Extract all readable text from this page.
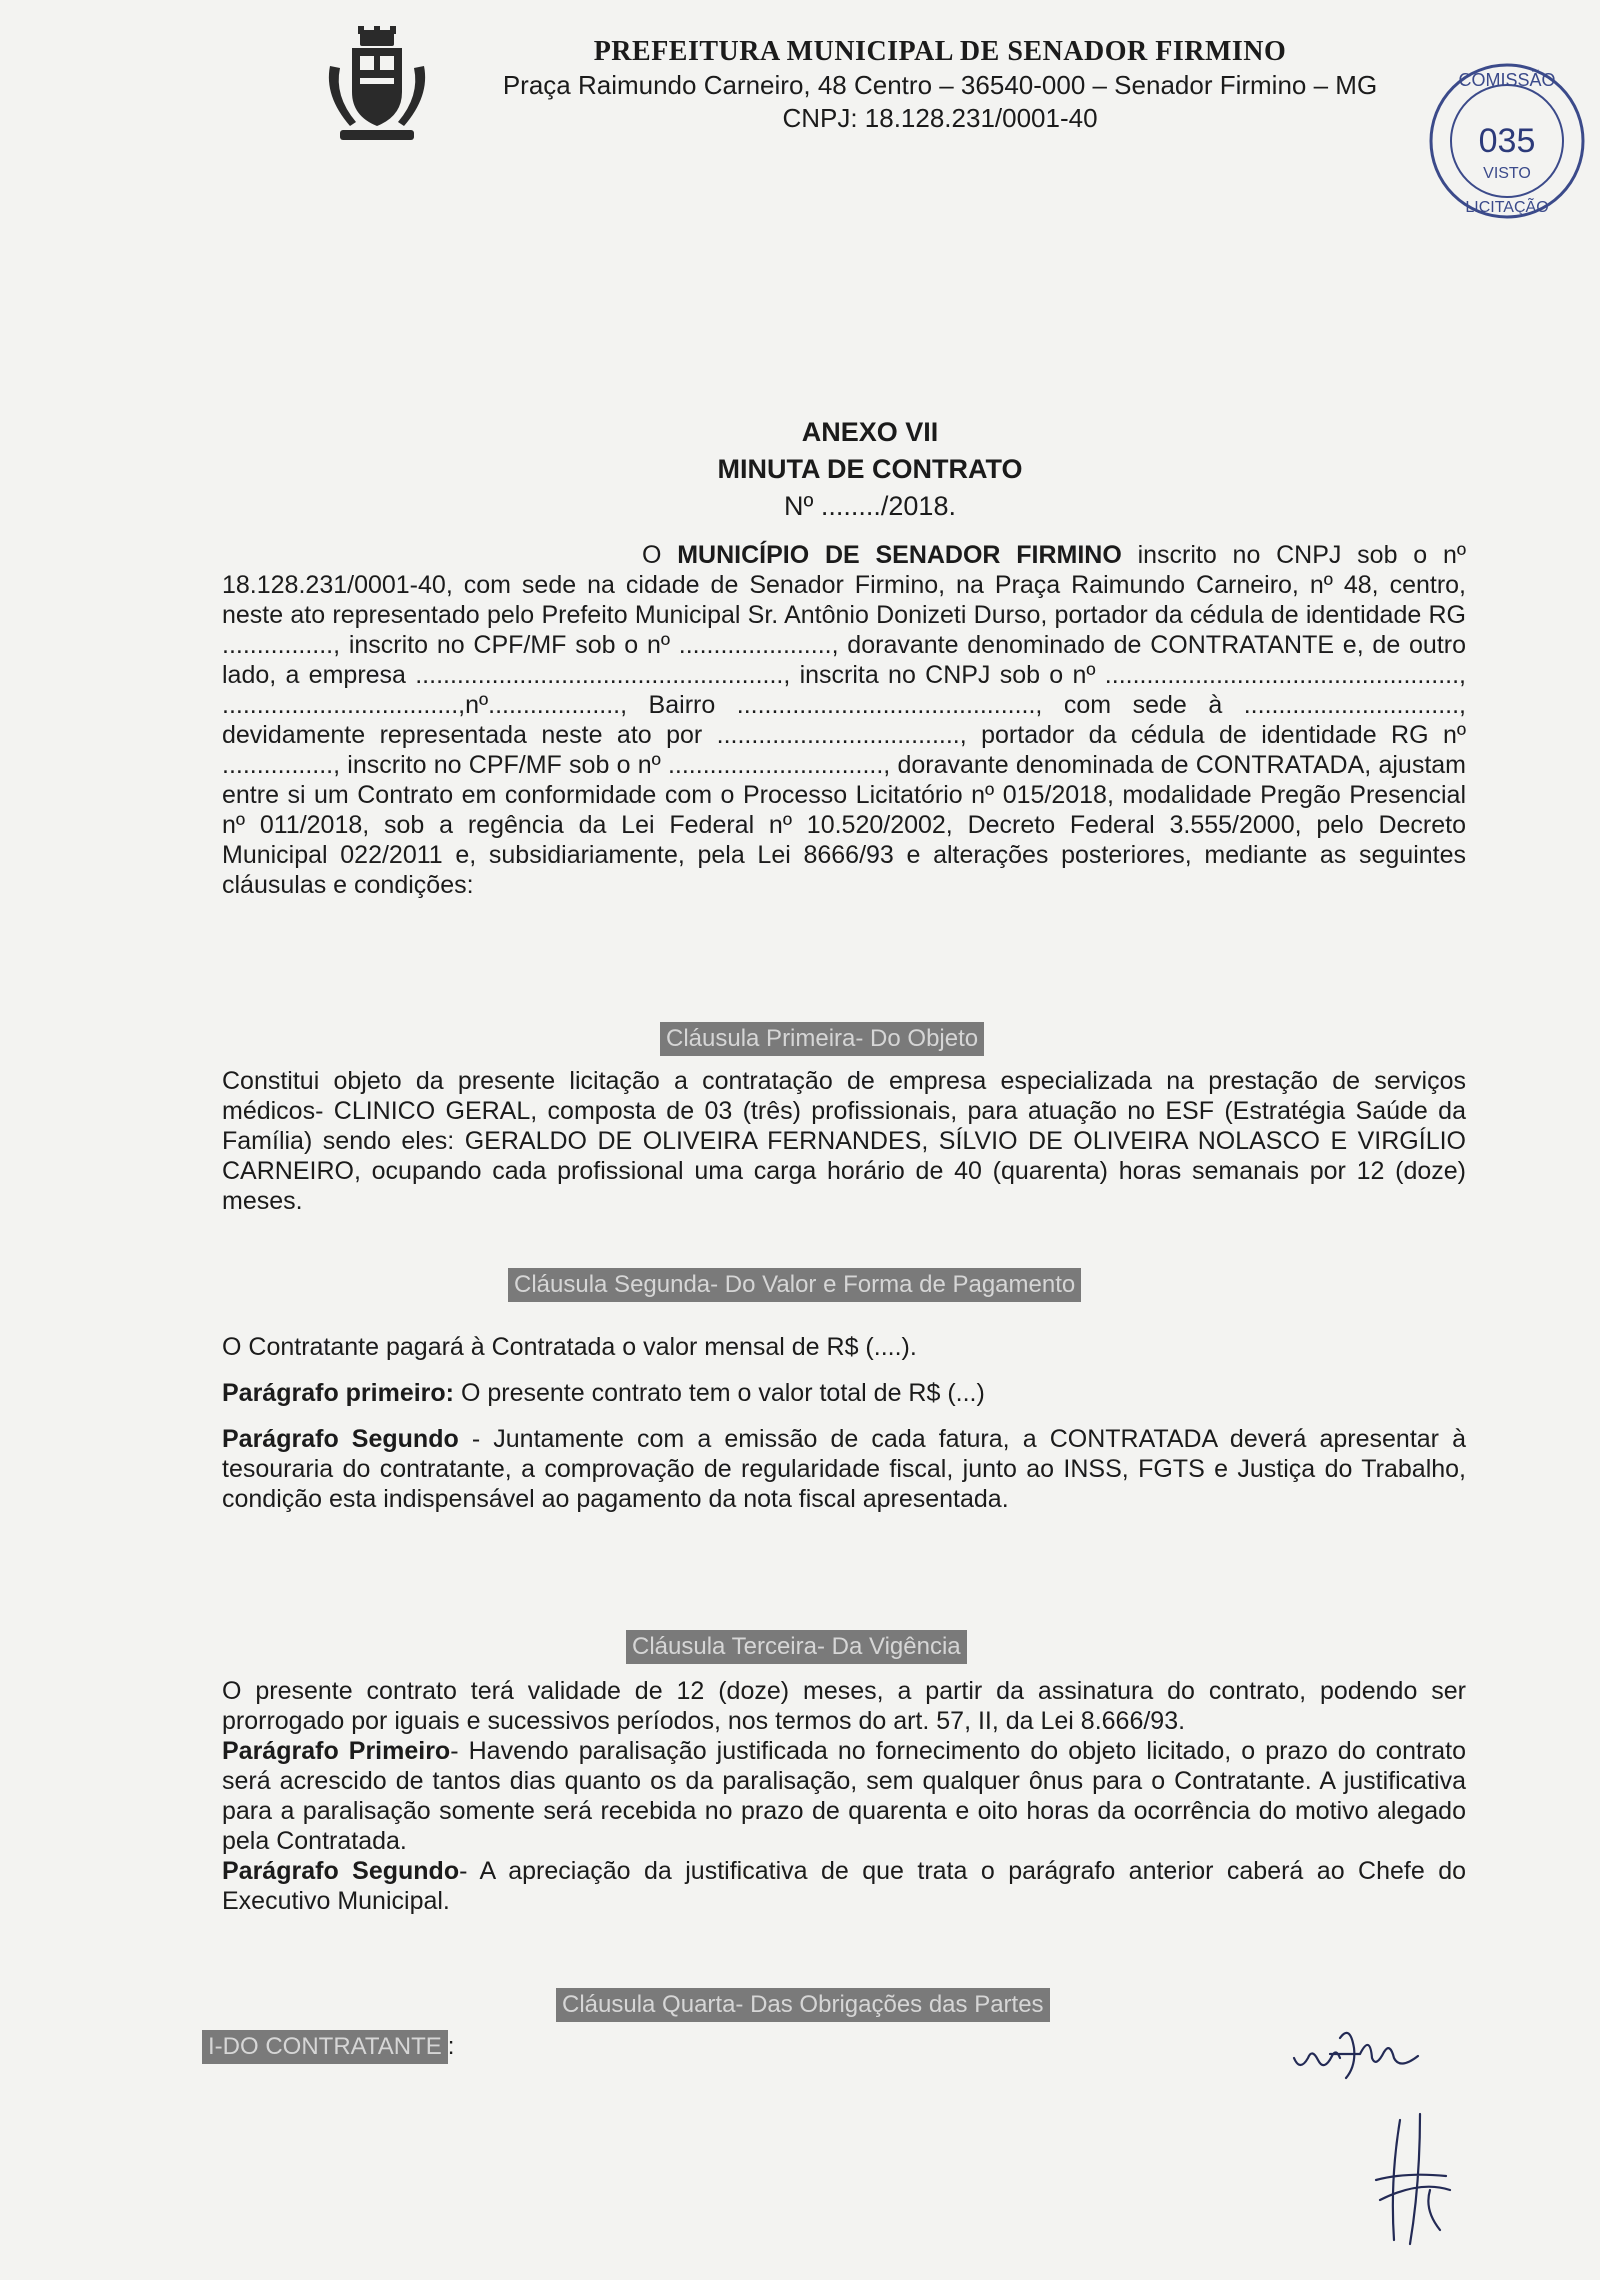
PREFEITURA MUNICIPAL DE SENADOR FIRMINO
Praça Raimundo Carneiro, 48 Centro – 36540-000 – Senador Firmino – MG
CNPJ: 18.128.231/0001-40
COMISSÃO
035
VISTO
LICITAÇÃO
ANEXO VII
MINUTA DE CONTRATO
Nº ......../2018.

O MUNICÍPIO DE SENADOR FIRMINO inscrito no CNPJ sob o nº 18.128.231/0001-40, com sede na cidade de Senador Firmino, na Praça Raimundo Carneiro, nº 48, centro, neste ato representado pelo Prefeito Municipal Sr. Antônio Donizeti Durso, portador da cédula de identidade RG ................, inscrito no CPF/MF sob o nº ......................, doravante denominado de CONTRATANTE e, de outro lado, a empresa ....................................................., inscrita no CNPJ sob o nº ..................................................., ..................................,nº..................., Bairro ..........................................., com sede à ..............................., devidamente representada neste ato por ..................................., portador da cédula de identidade RG nº ................, inscrito no CPF/MF sob o nº ..............................., doravante denominada de CONTRATADA, ajustam entre si um Contrato em conformidade com o Processo Licitatório nº 015/2018, modalidade Pregão Presencial nº 011/2018, sob a regência da Lei Federal nº 10.520/2002, Decreto Federal 3.555/2000, pelo Decreto Municipal 022/2011 e, subsidiariamente, pela Lei 8666/93 e alterações posteriores, mediante as seguintes cláusulas e condições:

Cláusula Primeira- Do Objeto

Constitui objeto da presente licitação a contratação de empresa especializada na prestação de serviços médicos- CLINICO GERAL, composta de 03 (três) profissionais, para atuação no ESF (Estratégia Saúde da Família) sendo eles: GERALDO DE OLIVEIRA FERNANDES, SÍLVIO DE OLIVEIRA NOLASCO E VIRGÍLIO CARNEIRO, ocupando cada profissional uma carga horário de 40 (quarenta) horas semanais por 12 (doze) meses.

Cláusula Segunda- Do Valor e Forma de Pagamento

O Contratante pagará à Contratada o valor mensal de R$ (....).

Parágrafo primeiro: O presente contrato tem o valor total de R$ (...)

Parágrafo Segundo - Juntamente com a emissão de cada fatura, a CONTRATADA deverá apresentar à tesouraria do contratante, a comprovação de regularidade fiscal, junto ao INSS, FGTS e Justiça do Trabalho, condição esta indispensável ao pagamento da nota fiscal apresentada.

Cláusula Terceira- Da Vigência

O presente contrato terá validade de 12 (doze) meses, a partir da assinatura do contrato, podendo ser prorrogado por iguais e sucessivos períodos, nos termos do art. 57, II, da Lei 8.666/93.

Parágrafo Primeiro- Havendo paralisação justificada no fornecimento do objeto licitado, o prazo do contrato será acrescido de tantos dias quanto os da paralisação, sem qualquer ônus para o Contratante. A justificativa para a paralisação somente será recebida no prazo de quarenta e oito horas da ocorrência do motivo alegado pela Contratada.

Parágrafo Segundo- A apreciação da justificativa de que trata o parágrafo anterior caberá ao Chefe do Executivo Municipal.

Cláusula Quarta- Das Obrigações das Partes
I-DO CONTRATANTE :
